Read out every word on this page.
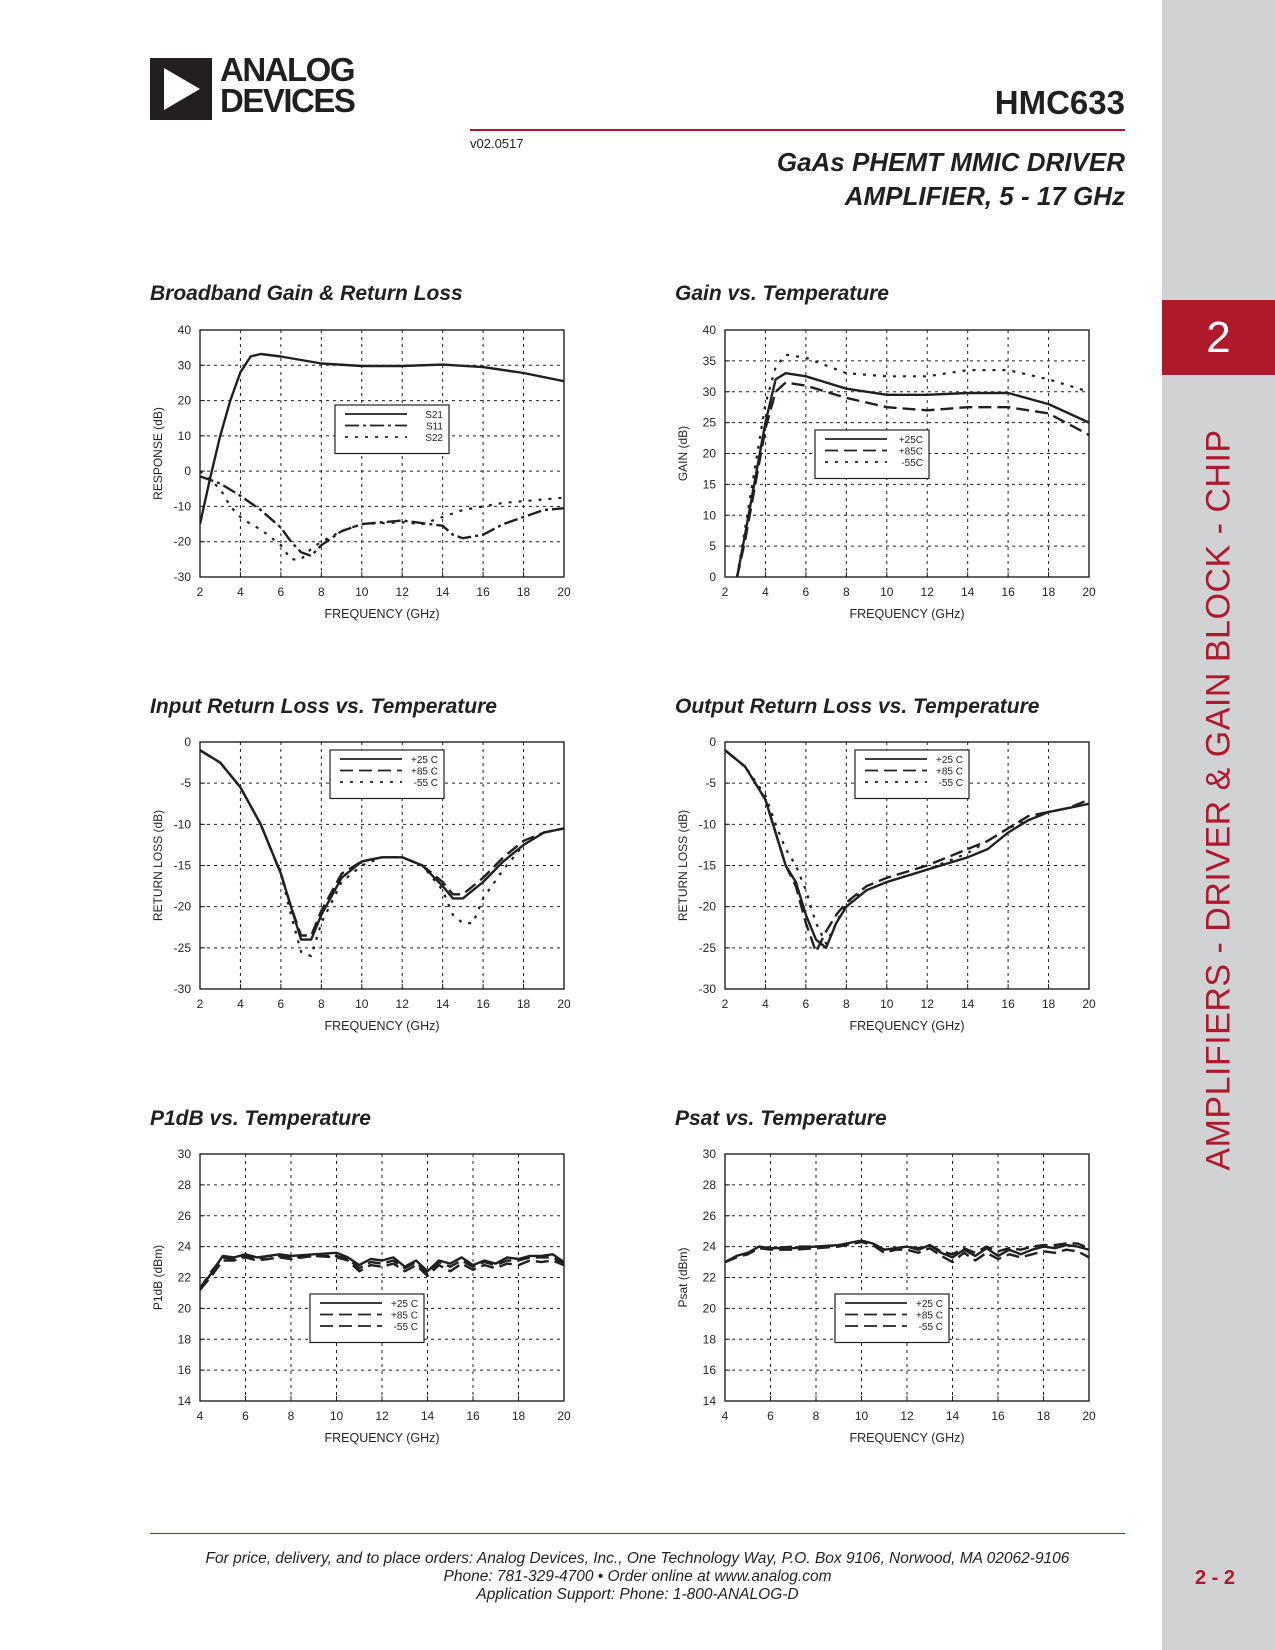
2
AMPLIFIERS - DRIVER & GAIN BLOCK - CHIP
2 - 2
ANALOG
DEVICES	HMC633
v02.0517
GaAs PHEMT MMIC DRIVER
AMPLIFIER, 5 - 17 GHz
Broadband Gain & Return Loss	Gain vs. Temperature
Input Return Loss vs. Temperature	Output Return Loss vs. Temperature
P1dB vs. Temperature	Psat vs. Temperature
2	4	6	8	10 12 14 16 18 20
-30
-20
-10
0
10
20
30
40
FREQUENCY (GHz)
RESPONSE (dB)	S21
S11
S22
2	4	6	8	10 12 14 16 18 20
0
5
10
15
20
25
30
35
40
FREQUENCY (GHz)
GAIN (dB)	+25C
+85C
-55C
2	4	6	8	10 12 14 16 18 20
-30
-25
-20
-15
-10
-5
0
FREQUENCY (GHz)
RETURN LOSS (dB)
+25 C
+85 C
-55 C
2	4	6	8	10 12 14 16 18 20
-30
-25
-20
-15
-10
-5
0
FREQUENCY (GHz)
RETURN LOSS (dB)
+25 C
+85 C
-55 C
4	6	8	10	12	14	16	18	20
14
16
18
20
22
24
26
28
30
FREQUENCY (GHz)
P1dB (dBm)	+25 C
+85 C
-55 C
4	6	8	10	12	14	16	18	20
14
16
18
20
22
24
26
28
30
FREQUENCY (GHz)
Psat (dBm)	+25 C
+85 C
-55 C
For price, delivery, and to place orders: Analog Devices, Inc., One Technology Way, P.O. Box 9106, Norwood, MA 02062-9106
Phone: 781-329-4700 • Order online at www.analog.com
Application Support: Phone: 1-800-ANALOG-D
